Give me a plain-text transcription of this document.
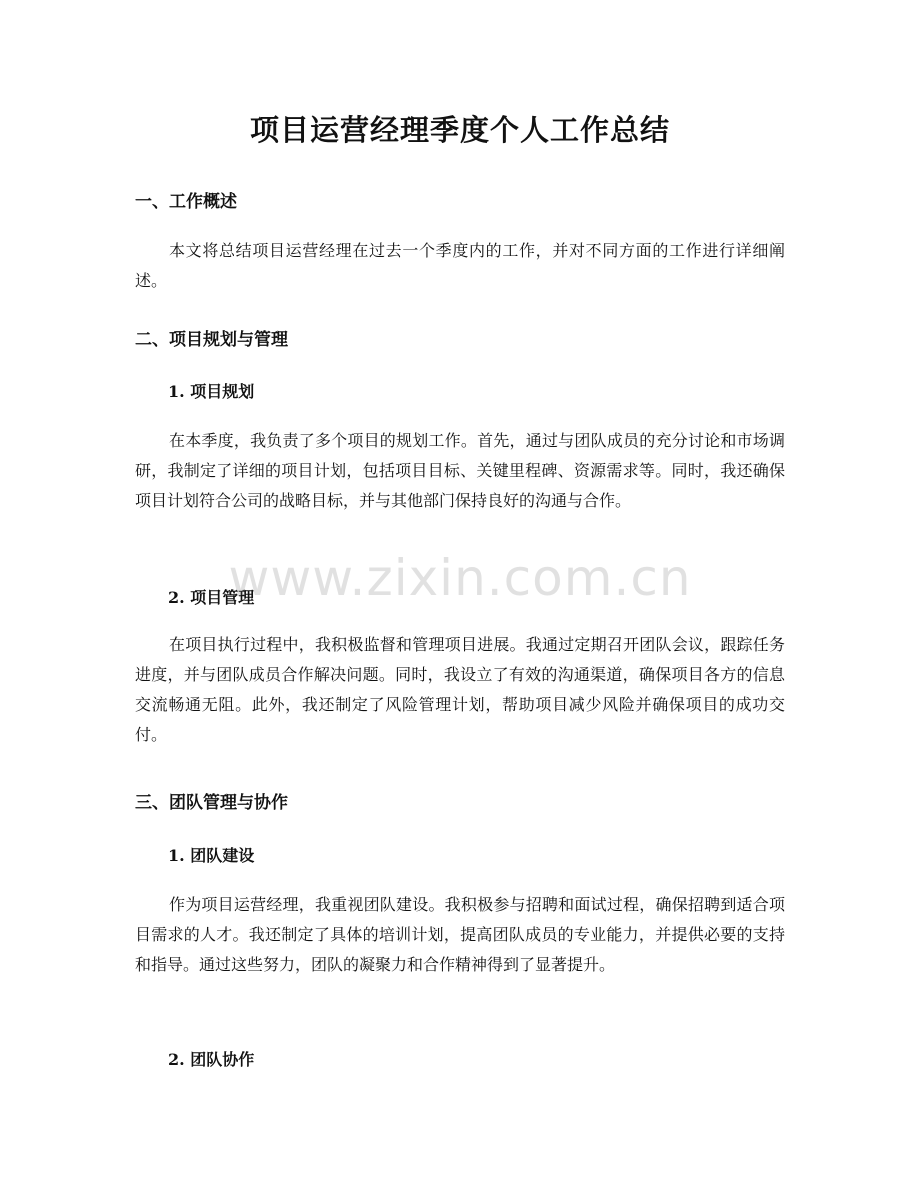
项目运营经理季度个人工作总结
一、工作概述

本文将总结项目运营经理在过去一个季度内的工作，并对不同方面的工作进行详细阐述。

二、项目规划与管理
1. 项目规划

在本季度，我负责了多个项目的规划工作。首先，通过与团队成员的充分讨论和市场调研，我制定了详细的项目计划，包括项目目标、关键里程碑、资源需求等。同时，我还确保项目计划符合公司的战略目标，并与其他部门保持良好的沟通与合作。

2. 项目管理

在项目执行过程中，我积极监督和管理项目进展。我通过定期召开团队会议，跟踪任务进度，并与团队成员合作解决问题。同时，我设立了有效的沟通渠道，确保项目各方的信息交流畅通无阻。此外，我还制定了风险管理计划，帮助项目减少风险并确保项目的成功交付。

三、团队管理与协作
1. 团队建设

作为项目运营经理，我重视团队建设。我积极参与招聘和面试过程，确保招聘到适合项目需求的人才。我还制定了具体的培训计划，提高团队成员的专业能力，并提供必要的支持和指导。通过这些努力，团队的凝聚力和合作精神得到了显著提升。

2. 团队协作
www.zixin.com.cn
